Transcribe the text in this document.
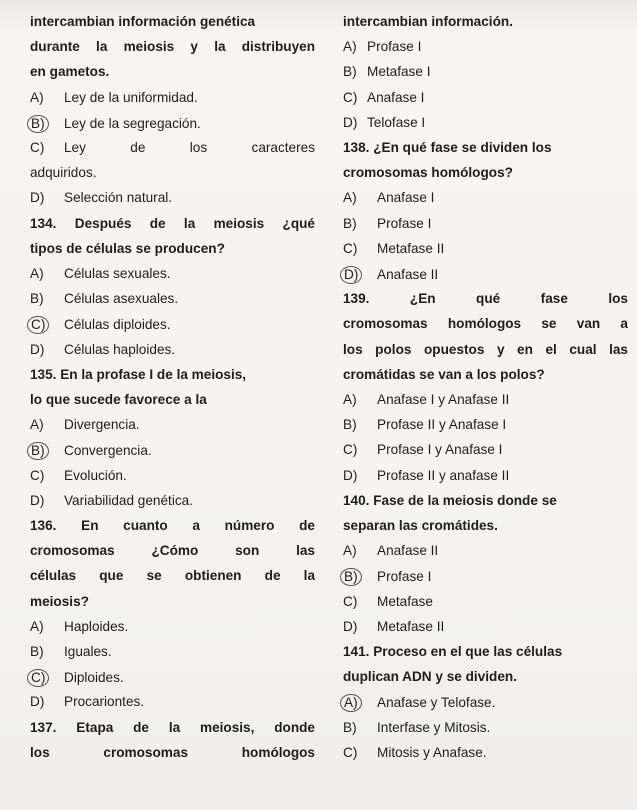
intercambian información genética
durante la meiosis y la distribuyen
en gametos.
A)	Ley de la uniformidad.
B)	Ley de la segregación.
C)	Ley de los caracteres
adquiridos.
D)	Selección natural.
134. Después de la meiosis ¿qué
tipos de células se producen?
A)	Células sexuales.
B)	Células asexuales.
C)	Células diploides.
D)	Células haploides.
135. En la profase I de la meiosis,
lo que sucede favorece a la
A)	Divergencia.
B)	Convergencia.
C)	Evolución.
D)	Variabilidad genética.
136. En cuanto a número de
cromosomas ¿Cómo son las
células que se obtienen de la
meiosis?
A)	Haploides.
B)	Iguales.
C)	Diploides.
D)	Procariontes.
137. Etapa de la meiosis, donde
los cromosomas homólogos
intercambian información.
A) Profase I
B) Metafase I
C) Anafase I
D) Telofase I
138. ¿En qué fase se dividen los
cromosomas homólogos?
A)	Anafase I
B)	Profase I
C)	Metafase II
D)	Anafase II
139. ¿En qué fase los
cromosomas homólogos se van a
los polos opuestos y en el cual las
cromátidas se van a los polos?
A)	Anafase I y Anafase II
B)	Profase II y Anafase I
C)	Profase I y Anafase I
D)	Profase II y anafase II
140. Fase de la meiosis donde se
separan las cromátides.
A)	Anafase II
B)	Profase I
C)	Metafase
D)	Metafase II
141. Proceso en el que las células
duplican ADN y se dividen.
A)	Anafase y Telofase.
B)	Interfase y Mitosis.
C)	Mitosis y Anafase.
